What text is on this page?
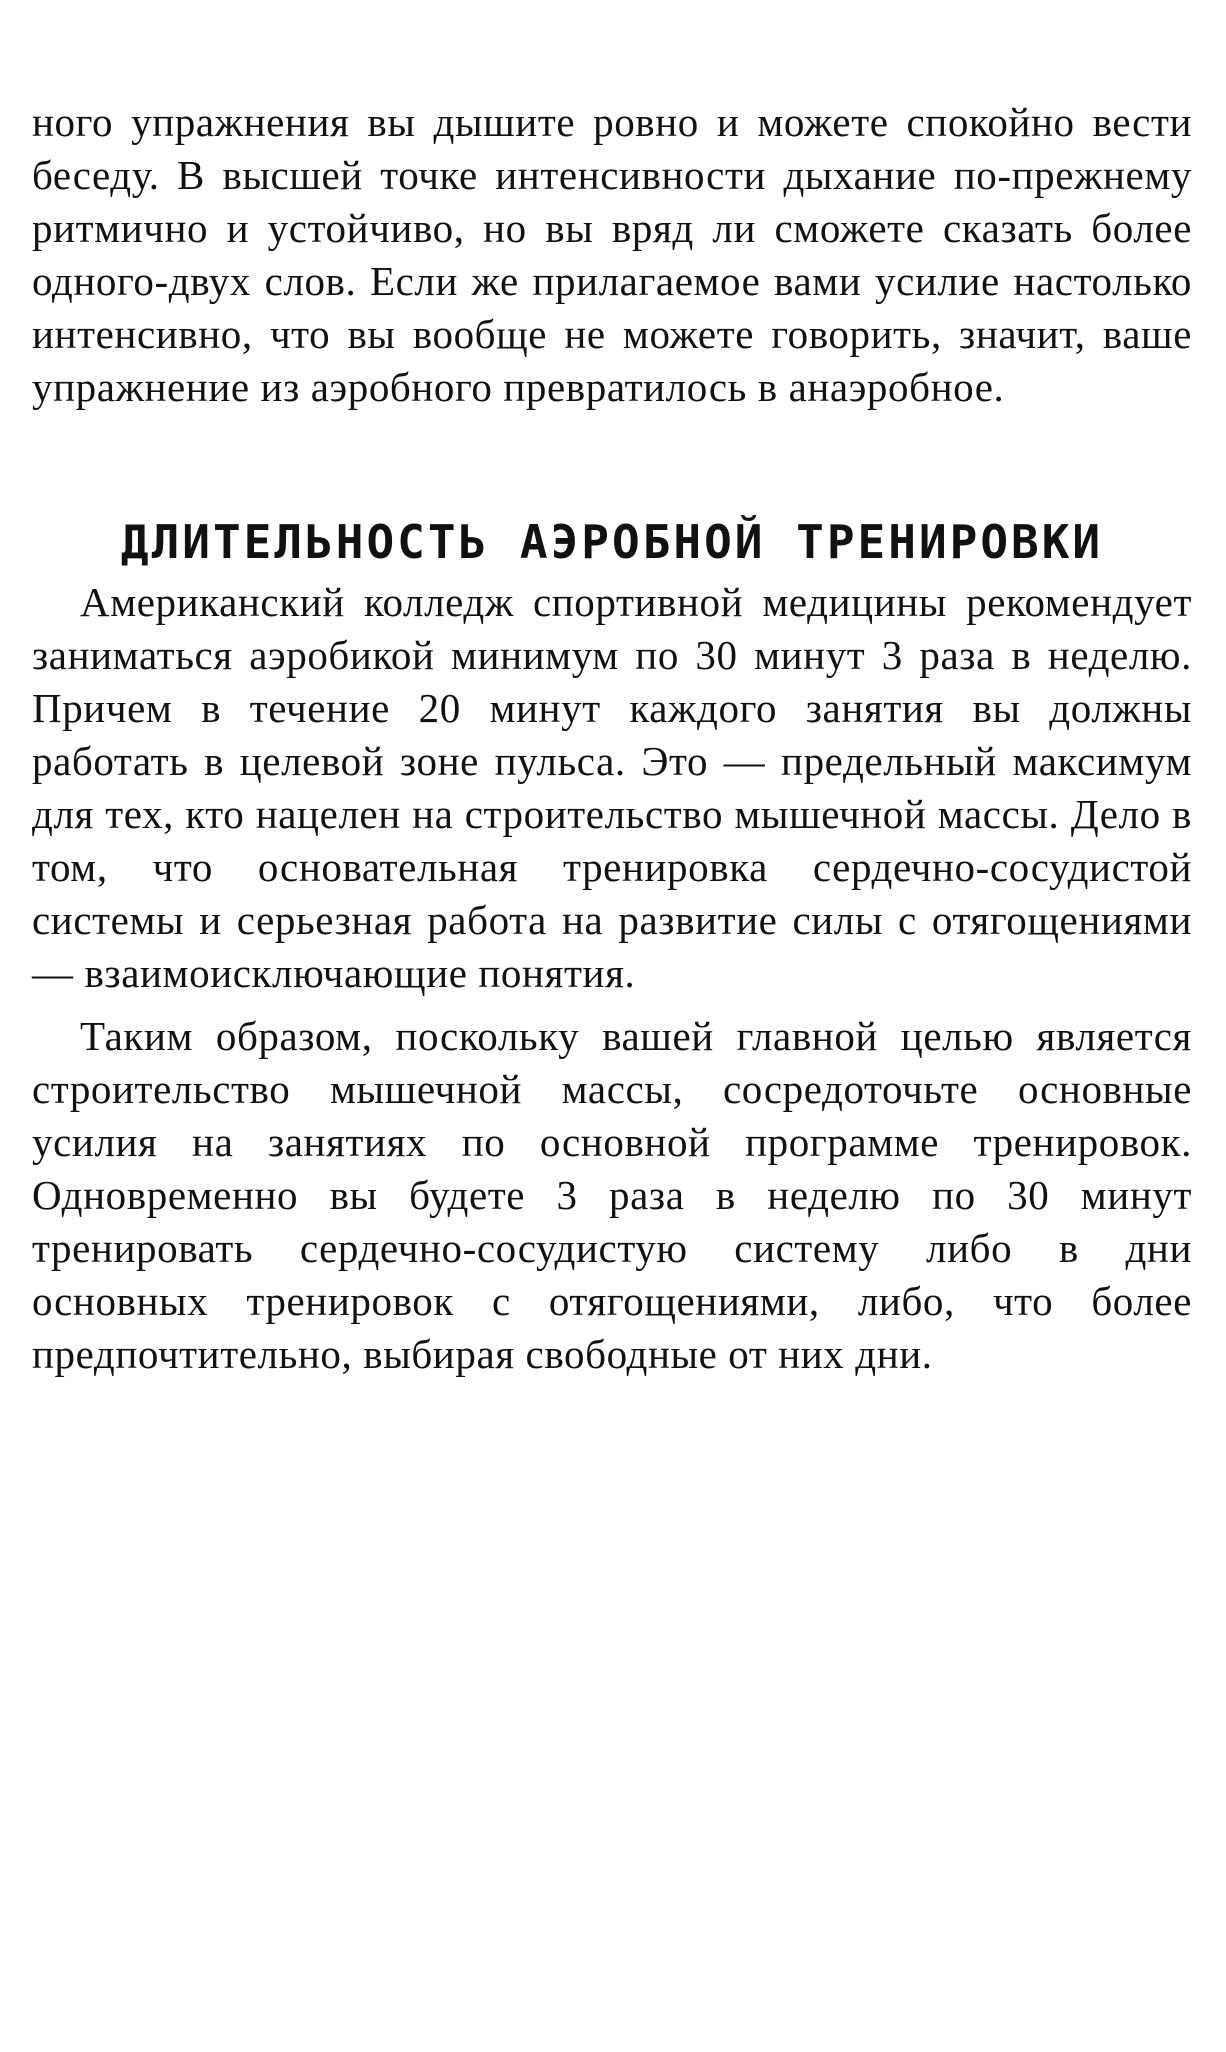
ного упражнения вы дышите ровно и можете спокойно вести беседу. В высшей точке интенсивности дыхание по-прежнему ритмично и устойчиво, но вы вряд ли сможете сказать более одного-двух слов. Если же прилагаемое вами усилие настолько интенсивно, что вы вообще не можете говорить, значит, ваше упражнение из аэробного превратилось в анаэробное.

ДЛИТЕЛЬНОСТЬ АЭРОБНОЙ ТРЕНИРОВКИ

Американский колледж спортивной медицины рекомендует заниматься аэробикой минимум по 30 минут 3 раза в неделю. Причем в течение 20 минут каждого занятия вы должны работать в целевой зоне пульса. Это — предельный максимум для тех, кто нацелен на строительство мышечной массы. Дело в том, что основательная тренировка сердечно-сосудистой системы и серьезная работа на развитие силы с отягощениями — взаимоисключающие понятия.

Таким образом, поскольку вашей главной целью является строительство мышечной массы, сосредоточьте основные усилия на занятиях по основной программе тренировок. Одновременно вы будете 3 раза в неделю по 30 минут тренировать сердечно-сосудистую систему либо в дни основных тренировок с отягощениями, либо, что более предпочтительно, выбирая свободные от них дни.
